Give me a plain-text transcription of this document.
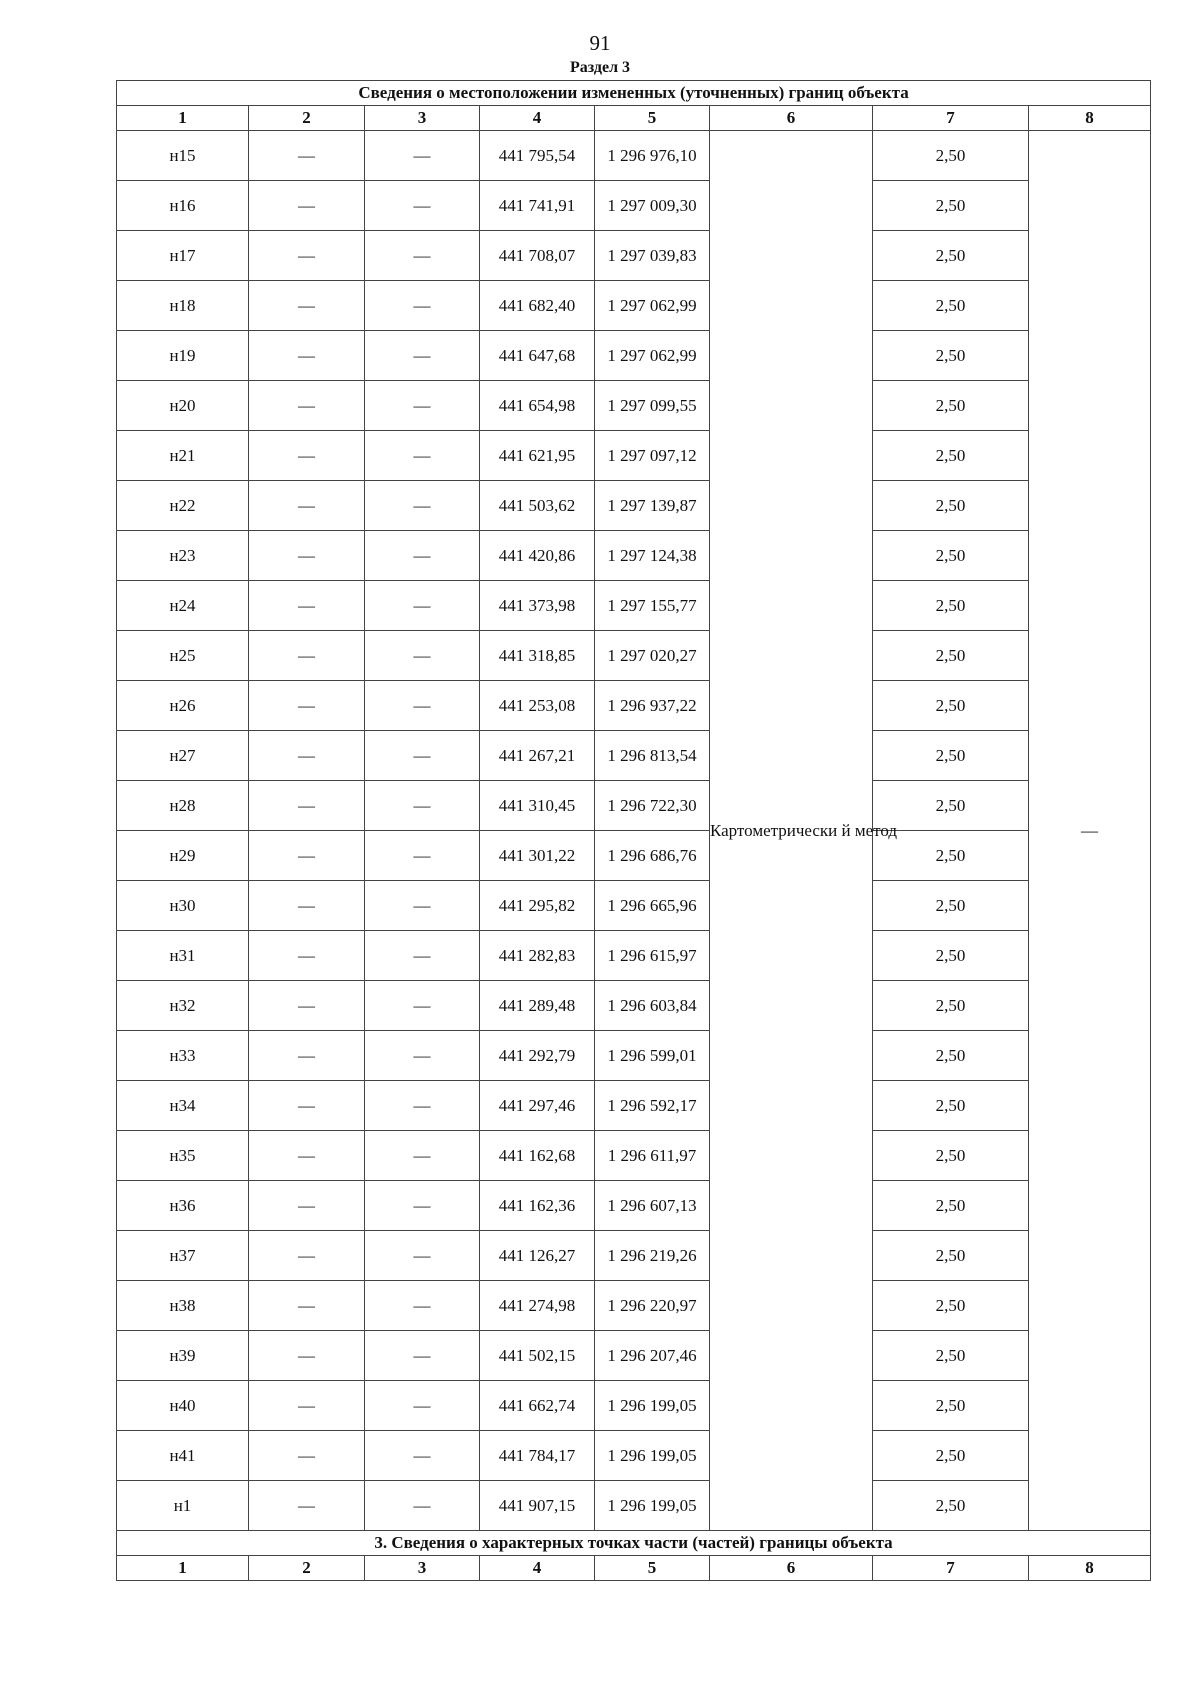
91
Раздел 3
Сведения о местоположении измененных (уточненных) границ объекта							
1	2	3	4	5	6	7	8
н15	—	—	441 795,54	1 296 976,10	Картометрически й метод	2,50	—
н16	—	—	441 741,91	1 297 009,30		2,50	
н17	—	—	441 708,07	1 297 039,83		2,50	
н18	—	—	441 682,40	1 297 062,99		2,50	
н19	—	—	441 647,68	1 297 062,99		2,50	
н20	—	—	441 654,98	1 297 099,55		2,50	
н21	—	—	441 621,95	1 297 097,12		2,50	
н22	—	—	441 503,62	1 297 139,87		2,50	
н23	—	—	441 420,86	1 297 124,38		2,50	
н24	—	—	441 373,98	1 297 155,77		2,50	
н25	—	—	441 318,85	1 297 020,27		2,50	
н26	—	—	441 253,08	1 296 937,22		2,50	
н27	—	—	441 267,21	1 296 813,54		2,50	
н28	—	—	441 310,45	1 296 722,30		2,50	
н29	—	—	441 301,22	1 296 686,76		2,50	
н30	—	—	441 295,82	1 296 665,96		2,50	
н31	—	—	441 282,83	1 296 615,97		2,50	
н32	—	—	441 289,48	1 296 603,84		2,50	
н33	—	—	441 292,79	1 296 599,01		2,50	
н34	—	—	441 297,46	1 296 592,17		2,50	
н35	—	—	441 162,68	1 296 611,97		2,50	
н36	—	—	441 162,36	1 296 607,13		2,50	
н37	—	—	441 126,27	1 296 219,26		2,50	
н38	—	—	441 274,98	1 296 220,97		2,50	
н39	—	—	441 502,15	1 296 207,46		2,50	
н40	—	—	441 662,74	1 296 199,05		2,50	
н41	—	—	441 784,17	1 296 199,05		2,50	
н1	—	—	441 907,15	1 296 199,05		2,50	
3. Сведения о характерных точках части (частей) границы объекта							
1	2	3	4	5	6	7	8
